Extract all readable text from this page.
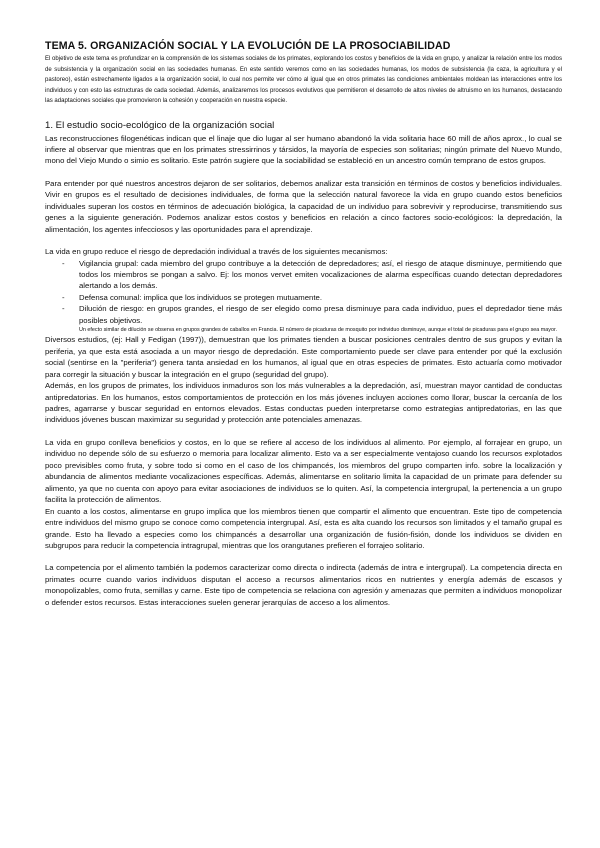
TEMA 5. ORGANIZACIÓN SOCIAL Y LA EVOLUCIÓN DE LA PROSOCIABILIDAD

El objetivo de este tema es profundizar en la comprensión de los sistemas sociales de los primates, explorando los costos y beneficios de la vida en grupo, y analizar la relación entre los modos de subsistencia y la organización social en las sociedades humanas. En este sentido veremos como en las sociedades humanas, los modos de subsistencia (la caza, la agricultura y el pastoreo), están estrechamente ligados a la organización social, lo cual nos permite ver cómo al igual que en otros primates las condiciones ambientales moldean las interacciones entre los individuos y con esto las estructuras de cada sociedad. Además, analizaremos los procesos evolutivos que permitieron el desarrollo de altos niveles de altruismo en los humanos, destacando las adaptaciones sociales que promovieron la cohesión y cooperación en nuestra especie.

1. El estudio socio-ecológico de la organización social

Las reconstrucciones filogenéticas indican que el linaje que dio lugar al ser humano abandonó la vida solitaria hace 60 mill de años aprox., lo cual se infiere al observar que mientras que en los primates stressirrinos y társidos, la mayoría de especies son solitarias; ningún primate del Nuevo Mundo, mono del Viejo Mundo o simio es solitario. Este patrón sugiere que la sociabilidad se estableció en un ancestro común temprano de estos grupos.

Para entender por qué nuestros ancestros dejaron de ser solitarios, debemos analizar esta transición en términos de costos y beneficios individuales. Vivir en grupos es el resultado de decisiones individuales, de forma que la selección natural favorece la vida en grupo cuando estos beneficios individuales superan los costos en términos de adecuación biológica, la capacidad de un individuo para sobrevivir y reproducirse, transmitiendo sus genes a la siguiente generación. Podemos analizar estos costos y beneficios en relación a cinco factores socio-ecológicos: la depredación, la alimentación, los agentes infecciosos y las oportunidades para el aprendizaje.

La vida en grupo reduce el riesgo de depredación individual a través de los siguientes mecanismos:

- Vigilancia grupal: cada miembro del grupo contribuye a la detección de depredadores; así, el riesgo de ataque disminuye, permitiendo que todos los miembros se pongan a salvo. Ej: los monos vervet emiten vocalizaciones de alarma específicas cuando detectan depredadores alertando a los demás.
- Defensa comunal: implica que los individuos se protegen mutuamente.
- Dilución de riesgo: en grupos grandes, el riesgo de ser elegido como presa disminuye para cada individuo, pues el depredador tiene más posibles objetivos.
Un efecto similar de dilución se observa en grupos grandes de caballos en Francia. El número de picaduras de mosquito por individuo disminuye, aunque el total de picaduras para el grupo sea mayor.

Diversos estudios, (ej: Hall y Fedigan (1997)), demuestran que los primates tienden a buscar posiciones centrales dentro de sus grupos y evitan la periferia, ya que esta está asociada a un mayor riesgo de depredación. Este comportamiento puede ser clave para entender por qué la exclusión social (sentirse en la "periferia") genera tanta ansiedad en los humanos, al igual que en otras especies de primates. Esto actuaría como motivador para corregir la situación y buscar la integración en el grupo (seguridad del grupo).

Además, en los grupos de primates, los individuos inmaduros son los más vulnerables a la depredación, así, muestran mayor cantidad de conductas antipredatorias. En los humanos, estos comportamientos de protección en los más jóvenes incluyen acciones como llorar, buscar la cercanía de los padres, agarrarse y buscar seguridad en entornos elevados. Estas conductas pueden interpretarse como estrategias antipredatorias, en las que individuos jóvenes buscan maximizar su seguridad y protección ante potenciales amenazas.

La vida en grupo conlleva beneficios y costos, en lo que se refiere al acceso de los individuos al alimento. Por ejemplo, al forrajear en grupo, un individuo no depende sólo de su esfuerzo o memoria para localizar alimento. Esto va a ser especialmente ventajoso cuando los recursos explotados poco previsibles como fruta, y sobre todo si como en el caso de los chimpancés, los miembros del grupo comparten info. sobre la localización y abundancia de alimentos mediante vocalizaciones específicas. Además, alimentarse en solitario limita la capacidad de un primate para defender su alimento, ya que no cuenta con apoyo para evitar asociaciones de individuos se lo quiten. Así, la competencia intergrupal, la pertenencia a un grupo facilita la protección de alimentos.

En cuanto a los costos, alimentarse en grupo implica que los miembros tienen que compartir el alimento que encuentran. Este tipo de competencia entre individuos del mismo grupo se conoce como competencia intergrupal. Así, esta es alta cuando los recursos son limitados y el tamaño grupal es grande. Esto ha llevado a especies como los chimpancés a desarrollar una organización de fusión-fisión, donde los individuos se dividen en subgrupos para reducir la competencia intragrupal, mientras que los orangutanes prefieren el forrajeo solitario.

La competencia por el alimento también la podemos caracterizar como directa o indirecta (además de intra e intergrupal). La competencia directa en primates ocurre cuando varios individuos disputan el acceso a recursos alimentarios ricos en nutrientes y energía además de escasos y monopolizables, como fruta, semillas y carne. Este tipo de competencia se relaciona con agresión y amenazas que permiten a individuos monopolizar o defender estos recursos. Estas interacciones suelen generar jerarquías de acceso a los alimentos.
